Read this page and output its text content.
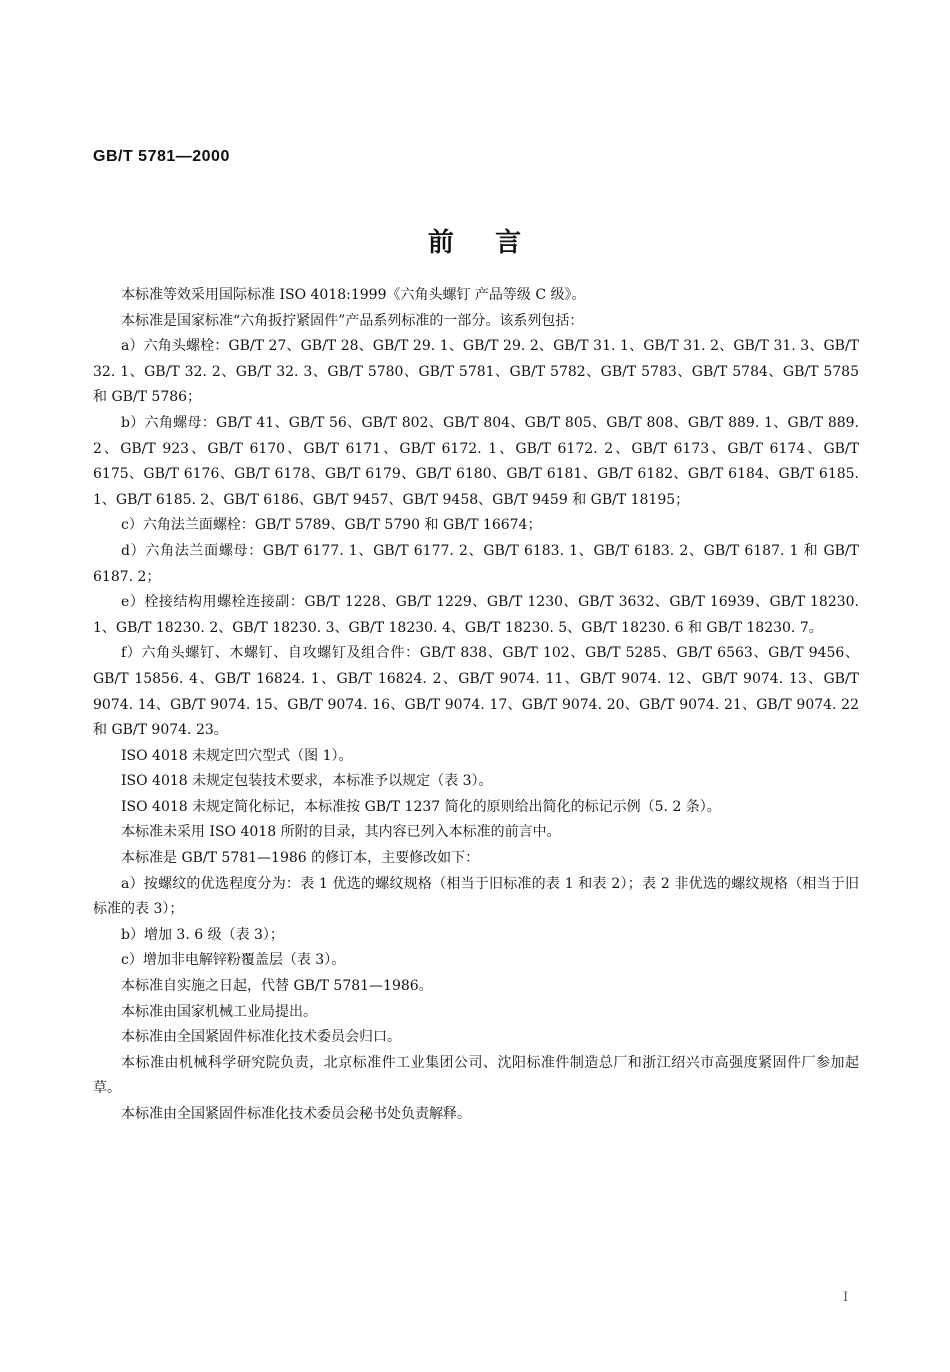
GB/T 5781—2000
前    言

本标准等效采用国际标准 ISO 4018:1999《六角头螺钉 产品等级 C 级》。

本标准是国家标准“六角扳拧紧固件”产品系列标准的一部分。该系列包括：

a）六角头螺栓：GB/T 27、GB/T 28、GB/T 29. 1、GB/T 29. 2、GB/T 31. 1、GB/T 31. 2、GB/T 31. 3、GB/T 32. 1、GB/T 32. 2、GB/T 32. 3、GB/T 5780、GB/T 5781、GB/T 5782、GB/T 5783、GB/T 5784、GB/T 5785 和 GB/T 5786；

b）六角螺母：GB/T 41、GB/T 56、GB/T 802、GB/T 804、GB/T 805、GB/T 808、GB/T 889. 1、GB/T 889. 2、GB/T 923、GB/T 6170、GB/T 6171、GB/T 6172. 1、GB/T 6172. 2、GB/T 6173、GB/T 6174、GB/T 6175、GB/T 6176、GB/T 6178、GB/T 6179、GB/T 6180、GB/T 6181、GB/T 6182、GB/T 6184、GB/T 6185. 1、GB/T 6185. 2、GB/T 6186、GB/T 9457、GB/T 9458、GB/T 9459 和 GB/T 18195；

c）六角法兰面螺栓：GB/T 5789、GB/T 5790 和 GB/T 16674；

d）六角法兰面螺母：GB/T 6177. 1、GB/T 6177. 2、GB/T 6183. 1、GB/T 6183. 2、GB/T 6187. 1 和 GB/T 6187. 2；

e）栓接结构用螺栓连接副：GB/T 1228、GB/T 1229、GB/T 1230、GB/T 3632、GB/T 16939、GB/T 18230. 1、GB/T 18230. 2、GB/T 18230. 3、GB/T 18230. 4、GB/T 18230. 5、GB/T 18230. 6 和 GB/T 18230. 7。

f）六角头螺钉、木螺钉、自攻螺钉及组合件：GB/T 838、GB/T 102、GB/T 5285、GB/T 6563、GB/T 9456、GB/T 15856. 4、GB/T 16824. 1、GB/T 16824. 2、GB/T 9074. 11、GB/T 9074. 12、GB/T 9074. 13、GB/T 9074. 14、GB/T 9074. 15、GB/T 9074. 16、GB/T 9074. 17、GB/T 9074. 20、GB/T 9074. 21、GB/T 9074. 22 和 GB/T 9074. 23。

ISO 4018 未规定凹穴型式（图 1）。

ISO 4018 未规定包装技术要求，本标准予以规定（表 3）。

ISO 4018 未规定简化标记，本标准按 GB/T 1237 简化的原则给出简化的标记示例（5. 2 条）。

本标准未采用 ISO 4018 所附的目录，其内容已列入本标准的前言中。

本标准是 GB/T 5781—1986 的修订本，主要修改如下：

a）按螺纹的优选程度分为：表 1 优选的螺纹规格（相当于旧标准的表 1 和表 2）；表 2 非优选的螺纹规格（相当于旧标准的表 3）；

b）增加 3. 6 级（表 3）；

c）增加非电解锌粉覆盖层（表 3）。

本标准自实施之日起，代替 GB/T 5781—1986。

本标准由国家机械工业局提出。

本标准由全国紧固件标准化技术委员会归口。

本标准由机械科学研究院负责，北京标准件工业集团公司、沈阳标准件制造总厂和浙江绍兴市高强度紧固件厂参加起草。

本标准由全国紧固件标准化技术委员会秘书处负责解释。

I
